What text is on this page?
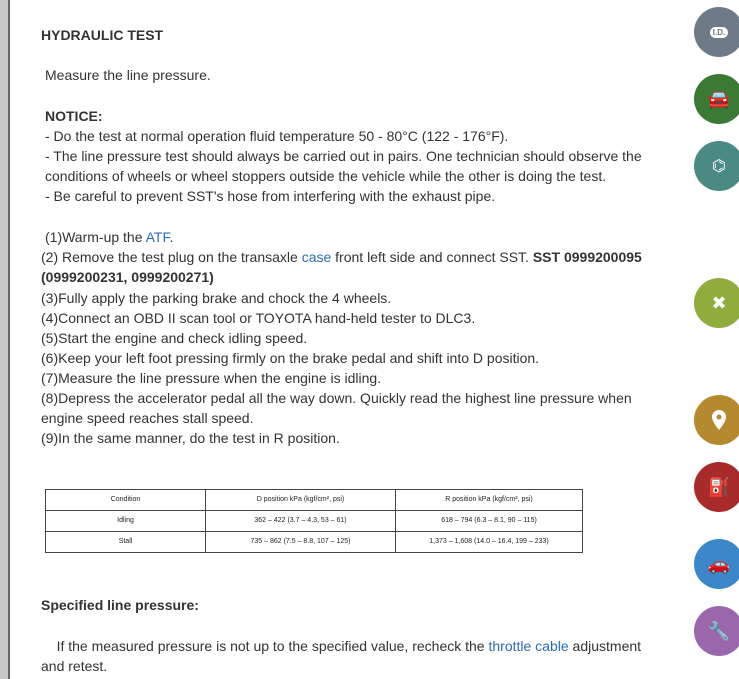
HYDRAULIC TEST

Measure the line pressure.

NOTICE:

- Do the test at normal operation fluid temperature 50 - 80°C (122 - 176°F).

- The line pressure test should always be carried out in pairs. One technician should observe the conditions of wheels or wheel stoppers outside the vehicle while the other is doing the test.

- Be careful to prevent SST's hose from interfering with the exhaust pipe.

(1)Warm-up the ATF.

(2) Remove the test plug on the transaxle case front left side and connect SST. SST 0999200095 (0999200231, 0999200271)

(3)Fully apply the parking brake and chock the 4 wheels.

(4)Connect an OBD II scan tool or TOYOTA hand-held tester to DLC3.

(5)Start the engine and check idling speed.

(6)Keep your left foot pressing firmly on the brake pedal and shift into D position.

(7)Measure the line pressure when the engine is idling.

(8)Depress the accelerator pedal all the way down. Quickly read the highest line pressure when engine speed reaches stall speed.

(9)In the same manner, do the test in R position.

Condition	D position kPa (kgf/cm², psi)	R position kPa (kgf/cm², psi)
Idling	362 – 422 (3.7 – 4.3, 53 – 61)	618 – 794 (6.3 – 8.1, 90 – 115)
Stall	735 – 862 (7.5 – 8.8, 107 – 125)	1,373 – 1,608 (14.0 – 16.4, 199 – 233)

Specified line pressure:

If the measured pressure is not up to the specified value, recheck the throttle cable adjustment and retest.

I.D.
🚘
⌬
✖
⛽
🚗
🔧
